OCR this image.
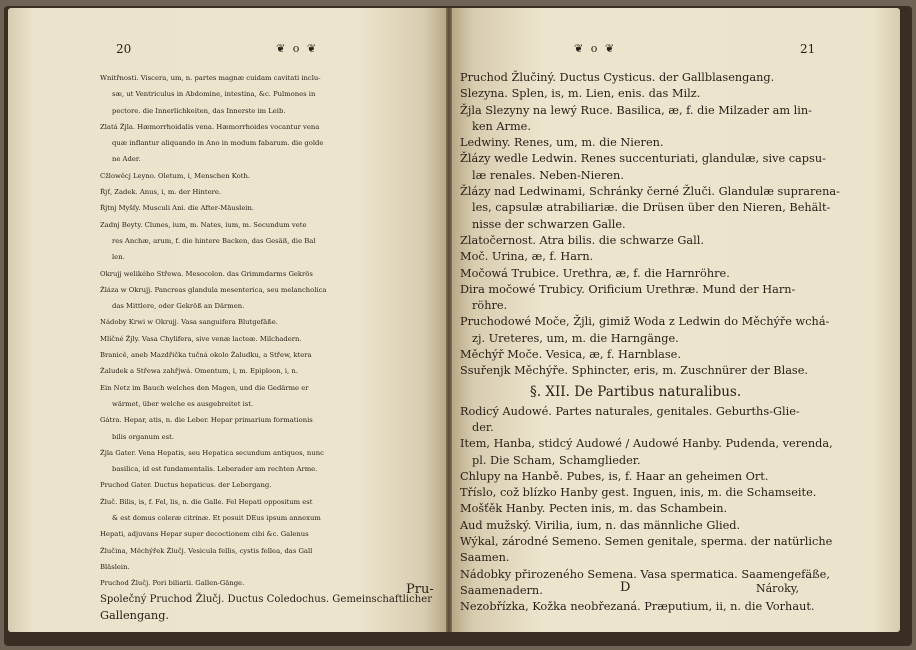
20	❦ o ❦
Wnitřnosti. Viscera, um, n. partes magnæ cuidam cavitati inclu-
sæ, ut Ventriculus in Abdomine, intestina, &c. Pulmones in
pectore. die Innerlichkeiten, das Innerste im Leib.
Zlatá Žjla. Hæmorrhoidalis vena. Hæmorrhoides vocantur vena
quæ inflantur aliquando in Ano in modum fabarum. die golde
ne Ader.
Cžlowěcj Leyno. Oletum, i, Menschen Koth.
Řjť, Zadek. Anus, i, m. der Hintere.
Řjtnj Myšſy. Musculi Ani. die After-Mäuslein.
Zadnj Beyty. Clunes, ium, m. Nates, ium, m. Secundum vete
res Anchæ, arum, f. die hintere Backen, das Gesäß, die Bal
len.
Okrujj welikého Střewa. Mesocolon. das Grimmdarms Gekrös
Žláza w Okrujj. Pancreas glandula mesenterica, seu melancholica
das Mittlere, oder Gekröß an Därmen.
Nádoby Krwi w Okrujj. Vasa sanguifera Blutgefäße.
Mlíčné Žjly. Vasa Chylifera, sive venæ lacteæ. Milchadern.
Branicě, aneb Mazdřička tučná okolo Žaludku, a Střew, ktera
Žaludek a Střewa zahřjwá. Omentum, i, m. Epiploon, i, n.
Ein Netz im Bauch welches den Magen, und die Gedärme er
wärmet, über welche es ausgebreitet ist.
Gátra. Hepar, atis, n. die Leber. Hepar primarium formationis
bilis organum est.
Žjla Gater. Vena Hepatis, seu Hepatica secundum antiquos, nunc
basilica, id est fundamentalis. Leberader am rechten Arme.
Pruchod Gater. Ductus hepaticus. der Lebergang.
Žluč. Bilis, is, f. Fel, lis, n. die Galle. Fel Hepati oppositum est
& est domus coleræ citrinæ. Et posuit DEus ipsum annexum
Hepati, adjuvans Hepar super decoctionem cibi &c. Galenus
Žlučina, Měchýřek Žlučj. Vesicula fellis, cystis fellea, das Gall
Bläslein.
Pruchod Žlučj. Pori biliarii. Gallen-Gänge.
Společný Pruchod Žlučj. Ductus Coledochus. Gemeinschaftlicher
Gallengang.
Pru-
❦ o ❦	21
Pruchod Žlučiný. Ductus Cysticus. der Gallblasengang.
Slezyna. Splen, is, m. Lien, enis. das Milz.
Žjla Slezyny na lewý Ruce. Basilica, æ, f. die Milzader am lin-
ken Arme.
Ledwiny. Renes, um, m. die Nieren.
Žlázy wedle Ledwin. Renes succenturiati, glandulæ, sive capsu-
læ renales. Neben-Nieren.
Žlázy nad Ledwinami, Schránky černé Žluči. Glandulæ suprarena-
les, capsulæ atrabiliariæ. die Drüsen über den Nieren, Behält-
nisse der schwarzen Galle.
Zlatočernost. Atra bilis. die schwarze Gall.
Moč. Urina, æ, f. Harn.
Močowá Trubice. Urethra, æ, f. die Harnröhre.
Dira močowé Trubicy. Orificium Urethræ. Mund der Harn-
röhre.
Pruchodowé Moče, Žjli, gimiž Woda z Ledwin do Měchýře wchá-
zj. Ureteres, um, m. die Harngänge.
Měchýř Moče. Vesica, æ, f. Harnblase.
Ssuřenjk Měchýře. Sphincter, eris, m. Zuschnürer der Blase.
§. XII. De Partibus naturalibus.
Rodicý Audowé. Partes naturales, genitales. Geburths-Glie-
der.
Item, Hanba, stidcý Audowé / Audowé Hanby. Pudenda, verenda,
pl. Die Scham, Schamglieder.
Chlupy na Hanbě. Pubes, is, f. Haar an geheimen Ort.
Tříslo, což blízko Hanby gest. Inguen, inis, m. die Schamseite.
Mošťěk Hanby. Pecten inis, m. das Schambein.
Aud mužský. Virilia, ium, n. das männliche Glied.
Wýkal, zárodné Semeno. Semen genitale, sperma. der natürliche
Saamen.
Nádobky přirozeného Semena. Vasa spermatica. Saamengefäße,
Saamenadern.
Nezobřízka, Kožka neobřezaná. Præputium, ii, n. die Vorhaut.
D	Nároky,
